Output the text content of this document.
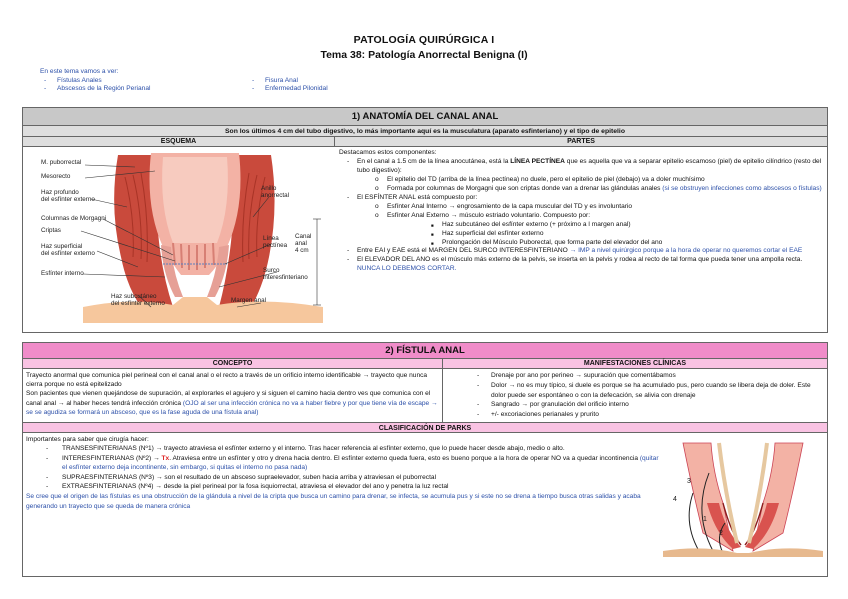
PATOLOGÍA QUIRÚRGICA I
Tema 38: Patología Anorrectal Benigna (I)
En este tema vamos a ver:
- Fístulas Anales
- Abscesos de la Región Perianal
- Fisura Anal
- Enfermedad Pilonidal
1) ANATOMÍA DEL CANAL ANAL
Son los últimos 4 cm del tubo digestivo, lo más importante aquí es la musculatura (aparato esfinteriano) y el tipo de epitelio
ESQUEMA
M. puborrectal
Mesorecto
Haz profundo
del esfínter externo
Columnas de Morgagni
Criptas
Haz superficial
del esfínter externo
Esfínter interno
Haz subcutáneo
del esfínter externo	Margen anal
Anillo
anorrectal
Línea
pectínea
Canal
anal
4 cm
Surco
interesfinteriano
PARTES
Destacamos estos componentes:
- En el canal a 1.5 cm de la línea anocutánea, está la LÍNEA PECTÍNEA que es aquella que va a separar epitelio escamoso (piel) de epitelio cilíndrico (resto del tubo digestivo):
o El epitelio del TD (arriba de la línea pectínea) no duele, pero el epitelio de piel (debajo) va a doler muchísimo
o Formada por columnas de Morgagni que son criptas donde van a drenar las glándulas anales (si se obstruyen infecciones como abscesos o fístulas)
- El ESFÍNTER ANAL está compuesto por:
o Esfínter Anal Interno → engrosamiento de la capa muscular del TD y es involuntario
o Esfínter Anal Externo → músculo estriado voluntario. Compuesto por:
■ Haz subcutáneo del esfínter externo (+ próximo a l margen anal)
■ Haz superficial del esfínter externo
■ Prolongación del Músculo Puborectal, que forma parte del elevador del ano
- Entre EAI y EAE está el MARGEN DEL SURCO INTERESFINTERIANO → IMP a nivel quirúrgico porque a la hora de operar no queremos cortar el EAE
- El ELEVADOR DEL ANO es el músculo más externo de la pelvis, se inserta en la pelvis y rodea al recto de tal forma que pueda tener una ampolla recta. NUNCA LO DEBEMOS CORTAR.
2) FÍSTULA ANAL
CONCEPTO
Trayecto anormal que comunica piel perineal con el canal anal o el recto a través de un orificio interno identificable → trayecto que nunca cierra porque no está epitelizado
Son pacientes que vienen quejándose de supuración, al explorarles el agujero y si siguen el camino hacia dentro ves que comunica con el canal anal → al haber heces tendrá infección crónica (OJO al ser una infección crónica no va a haber fiebre y por que tiene vía de escape → se se agudiza se formará un absceso, que es la fase aguda de una fístula anal)
MANIFESTACIONES CLÍNICAS
- Drenaje por ano por perineo → supuración que comentábamos
- Dolor → no es muy típico, si duele es porque se ha acumulado pus, pero cuando se libera deja de doler. Este dolor puede ser espontáneo o con la defecación, se alivia con drenaje
- Sangrado → por granulación del orificio interno
- +/- excoriaciones perianales y prurito
CLASIFICACIÓN DE PARKS
Importantes para saber que cirugía hacer:
- TRANSESFINTERIANAS (Nº1) → trayecto atraviesa el esfínter externo y el interno. Tras hacer referencia al esfínter externo, que lo puede hacer desde abajo, medio o alto.
- INTERESFINTERIANAS (Nº2) → Tx. Atraviesa entre un esfínter y otro y drena hacia dentro. El esfínter externo queda fuera, esto es bueno porque a la hora de operar NO va a quedar incontinencia (quitar el esfínter externo deja incontinente, sin embargo, si quitas el interno no pasa nada)
- SUPRAESFINTERIANAS (Nº3) → son el resultado de un absceso supraelevador, suben hacia arriba y atraviesan el puborrectal
- EXTRAESFINTERIANAS (Nº4) → desde la piel perineal por la fosa isquiorrectal, atraviesa el elevador del ano y penetra la luz rectal
Se cree que el origen de las fístulas es una obstrucción de la glándula a nivel de la cripta que busca un camino para drenar, se infecta, se acumula pus y si este no se drena a tiempo busca otras salidas y acaba generando un trayecto que se queda de manera crónica
4
3
1
2
